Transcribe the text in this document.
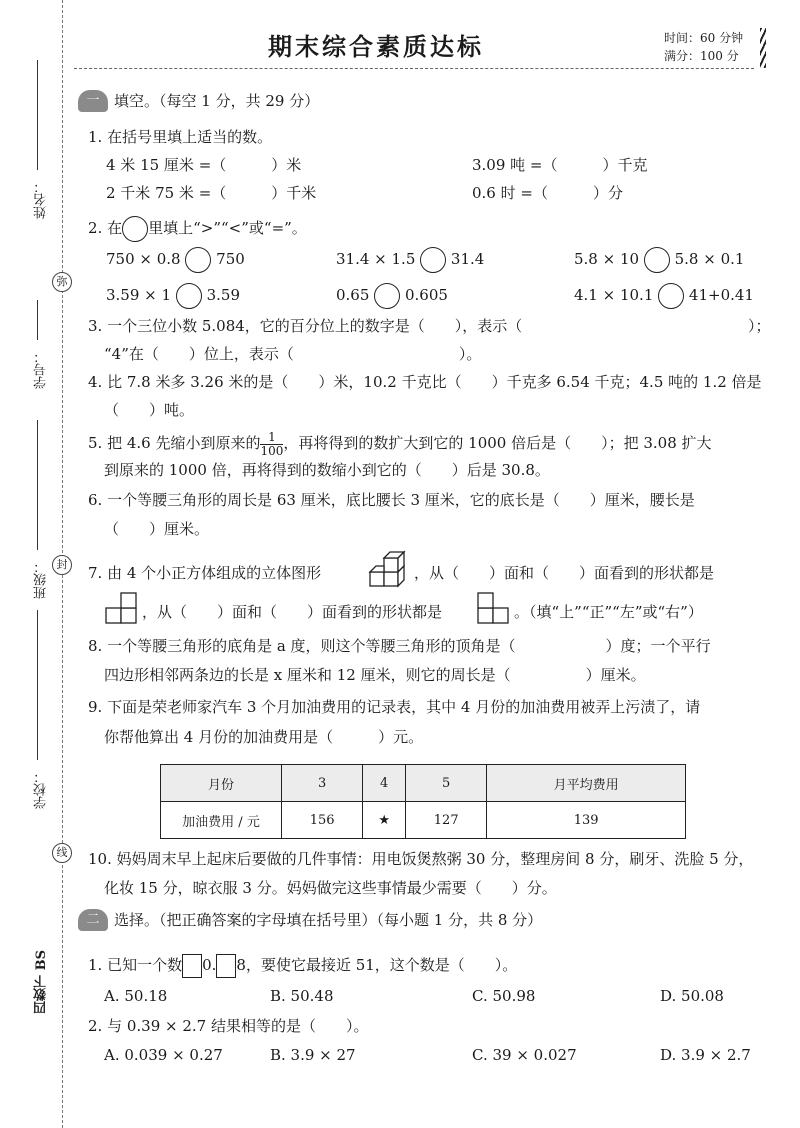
姓名：
弥
学号：
班级： 封
学校：
线
四数下 BS
期末综合素质达标	时间：60 分钟
满分：100 分
一 填空。（每空 1 分，共 29 分）
1. 在括号里填上适当的数。
4 米 15 厘米 =（　　　）米	3.09 吨 =（　　　）千克
2 千米 75 米 =（　　　）千米	0.6 时 =（　　　）分
2. 在 里填上“>”“<”或“=”。
750 × 0.8 750	31.4 × 1.5 31.4	5.8 × 10 5.8 × 0.1
3.59 × 1 3.59	0.65 0.605	4.1 × 10.1 41+0.41
3. 一个三位小数 5.084，它的百分位上的数字是（　　），表示（	）；
“4”在（　　）位上，表示（　　　　　　　　　　　）。
4. 比 7.8 米多 3.26 米的是（　　）米，10.2 千克比（　　）千克多 6.54 千克；4.5 吨的 1.2 倍是
（　　）吨。
5. 把 4.6 先缩小到原来的 $\frac{1}{100}$ ，再将得到的数扩大到它的 1000 倍后是（　　）；把 3.08 扩大
到原来的 1000 倍，再将得到的数缩小到它的（　　）后是 30.8。
6. 一个等腰三角形的周长是 63 厘米，底比腰长 3 厘米，它的底长是（　　）厘米，腰长是
（　　）厘米。
7. 由 4 个小正方体组成的立体图形	，从（　　）面和（　　）面看到的形状都是
，从（　　）面和（　　）面看到的形状都是	。（填“上”“正”“左”或“右”）
8. 一个等腰三角形的底角是 a 度，则这个等腰三角形的顶角是（　　　　　　）度；一个平行
四边形相邻两条边的长是 x 厘米和 12 厘米，则它的周长是（　　　　　）厘米。
9. 下面是荣老师家汽车 3 个月加油费用的记录表，其中 4 月份的加油费用被弄上污渍了，请
你帮他算出 4 月份的加油费用是（　　　）元。
月份	3	4	5	月平均费用
加油费用 / 元	156	★	127	139
10. 妈妈周末早上起床后要做的几件事情：用电饭煲熬粥 30 分，整理房间 8 分，刷牙、洗脸 5 分，
化妆 15 分，晾衣服 3 分。妈妈做完这些事情最少需要（　　）分。
二 选择。（把正确答案的字母填在括号里）（每小题 1 分，共 8 分）
1. 已知一个数 0. 8，要使它最接近 51，这个数是（　　）。
A. 50.18	B. 50.48	C. 50.98	D. 50.08
2. 与 0.39 × 2.7 结果相等的是（　　）。
A. 0.039 × 0.27	B. 3.9 × 27	C. 39 × 0.027	D. 3.9 × 2.7
